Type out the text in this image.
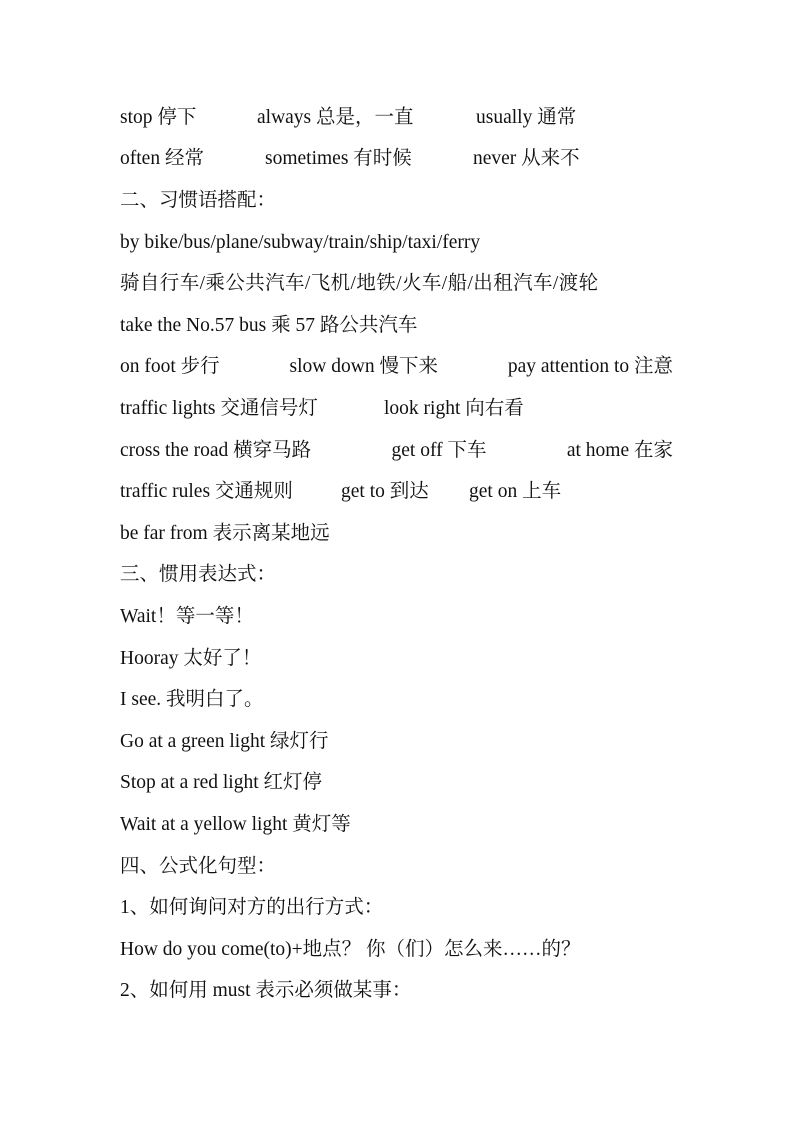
stop 停下	always 总是，一直	usually 通常
often 经常	sometimes 有时候	never 从来不
二、习惯语搭配：
by bike/bus/plane/subway/train/ship/taxi/ferry
骑自行车/乘公共汽车/飞机/地铁/火车/船/出租汽车/渡轮
take the No.57 bus 乘 57 路公共汽车
on foot 步行	slow down 慢下来	pay attention to 注意
traffic lights 交通信号灯	look right 向右看
cross the road 横穿马路	get off 下车	at home 在家
traffic rules 交通规则 get to 到达 get on 上车
be far from 表示离某地远
三、惯用表达式：
Wait！等一等！
Hooray 太好了！
I see. 我明白了。
Go at a green light 绿灯行
Stop at a red light 红灯停
Wait at a yellow light 黄灯等
四、公式化句型：
1、如何询问对方的出行方式：
How do you come(to)+地点？ 你（们）怎么来……的？
2、如何用 must 表示必须做某事：
